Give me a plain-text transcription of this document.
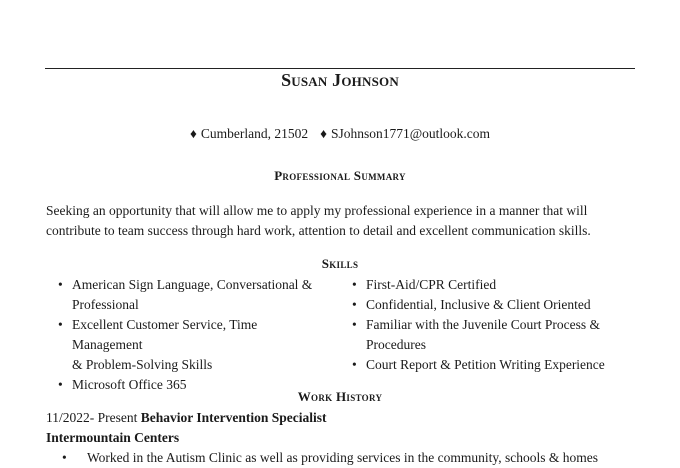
Susan Johnson
♦ Cumberland, 21502 ♦ SJohnson1771@outlook.com
Professional Summary
Seeking an opportunity that will allow me to apply my professional experience in a manner that will
contribute to team success through hard work, attention to detail and excellent communication skills.
Skills
• American Sign Language, Conversational &
Professional
• Excellent Customer Service, Time Management
& Problem-Solving Skills
• Microsoft Office 365
• First-Aid/CPR Certified
• Confidential, Inclusive & Client Oriented
• Familiar with the Juvenile Court Process &
Procedures
• Court Report & Petition Writing Experience
Work History
11/2022- Present Behavior Intervention Specialist
Intermountain Centers
• Worked in the Autism Clinic as well as providing services in the community, schools & homes
